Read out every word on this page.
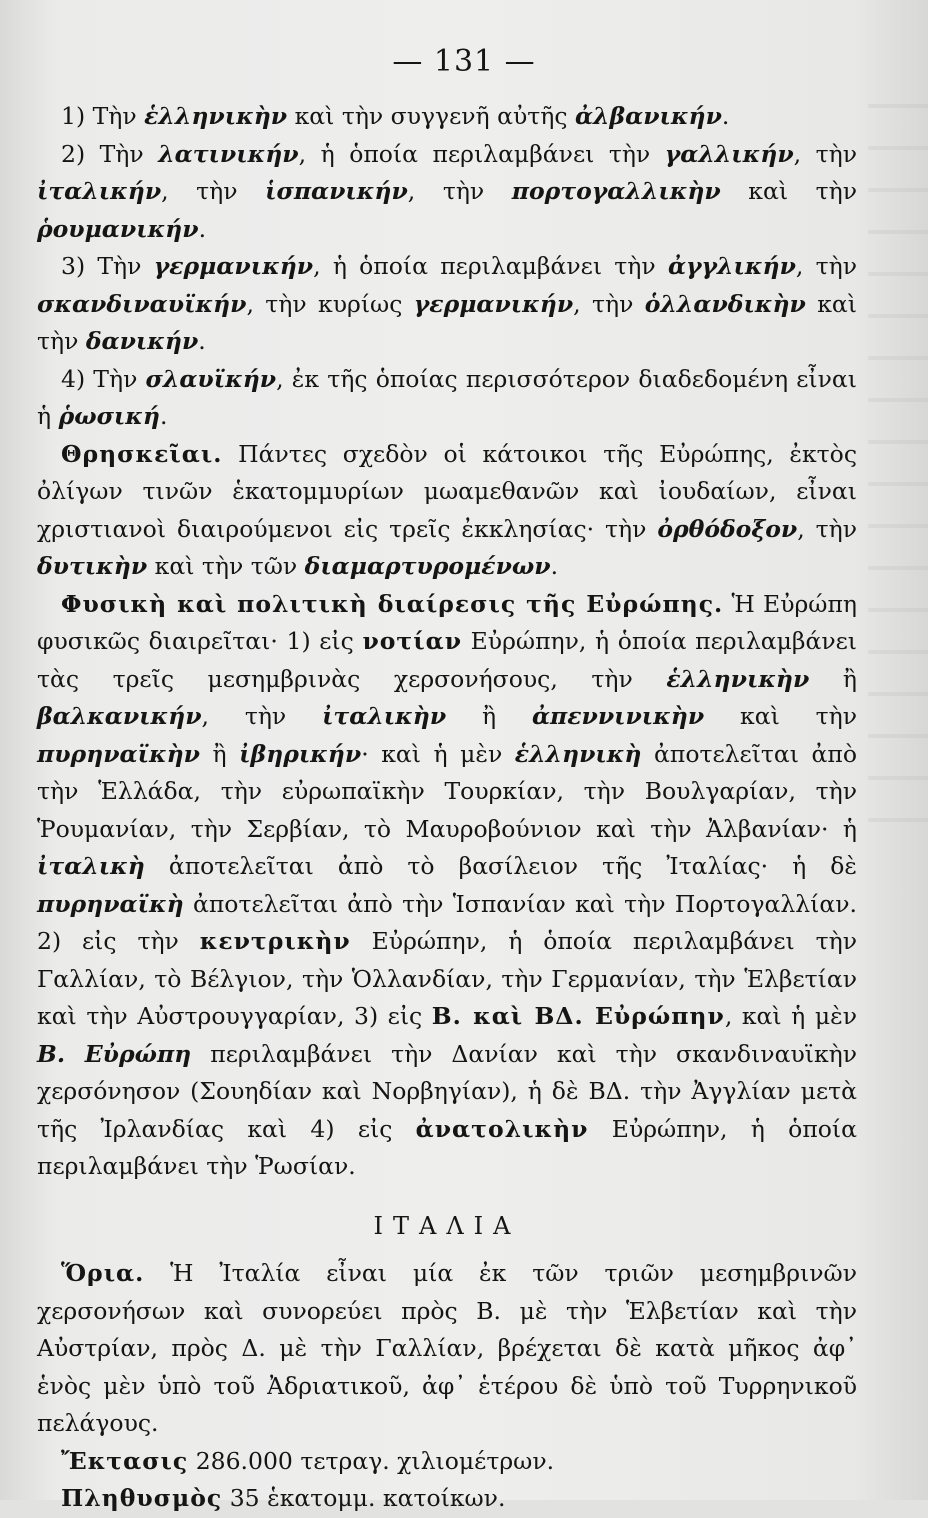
— 131 —

1) Τὴν ἑλληνικὴν καὶ τὴν συγγενῆ αὐτῆς ἀλβανικήν.

2) Τὴν λατινικήν, ἡ ὁποία περιλαμβάνει τὴν γαλλικήν, τὴν ἰταλικήν, τὴν ἱσπανικήν, τὴν πορτογαλλικὴν καὶ τὴν ῥουμανικήν.

3) Τὴν γερμανικήν, ἡ ὁποία περιλαμβάνει τὴν ἀγγλικήν, τὴν σκανδιναυϊκήν, τὴν κυρίως γερμανικήν, τὴν ὁλλανδικὴν καὶ τὴν δανικήν.

4) Τὴν σλαυϊκήν, ἐκ τῆς ὁποίας περισσότερον διαδεδομένη εἶναι ἡ ῥωσική.

Θρησκεῖαι. Πάντες σχεδὸν οἱ κάτοικοι τῆς Εὐρώπης, ἐκτὸς ὀλίγων τινῶν ἑκατομμυρίων μωαμεθανῶν καὶ ἰουδαίων, εἶναι χριστιανοὶ διαιρούμενοι εἰς τρεῖς ἐκκλησίας· τὴν ὀρθόδοξον, τὴν δυτικὴν καὶ τὴν τῶν διαμαρτυρομένων.

Φυσικὴ καὶ πολιτικὴ διαίρεσις τῆς Εὐρώπης. Ἡ Εὐρώπη φυσικῶς διαιρεῖται· 1) εἰς νοτίαν Εὐρώπην, ἡ ὁποία περιλαμβάνει τὰς τρεῖς μεσημβρινὰς χερσονήσους, τὴν ἑλληνικὴν ἢ βαλκανικήν, τὴν ἰταλικὴν ἢ ἀπεννινικὴν καὶ τὴν πυρηναϊκὴν ἢ ἰβηρικήν· καὶ ἡ μὲν ἑλληνικὴ ἀποτελεῖται ἀπὸ τὴν Ἑλλάδα, τὴν εὐρωπαϊκὴν Τουρκίαν, τὴν Βουλγαρίαν, τὴν Ῥουμανίαν, τὴν Σερβίαν, τὸ Μαυροβούνιον καὶ τὴν Ἀλβανίαν· ἡ ἰταλικὴ ἀποτελεῖται ἀπὸ τὸ βασίλειον τῆς Ἰταλίας· ἡ δὲ πυρηναϊκὴ ἀποτελεῖται ἀπὸ τὴν Ἱσπανίαν καὶ τὴν Πορτογαλλίαν. 2) εἰς τὴν κεντρικὴν Εὐρώπην, ἡ ὁποία περιλαμβάνει τὴν Γαλλίαν, τὸ Βέλγιον, τὴν Ὁλλανδίαν, τὴν Γερμανίαν, τὴν Ἑλβετίαν καὶ τὴν Αὐστρουγγαρίαν, 3) εἰς Β. καὶ ΒΔ. Εὐρώπην, καὶ ἡ μὲν Β. Εὐρώπη περιλαμβάνει τὴν Δανίαν καὶ τὴν σκανδιναυϊκὴν χερσόνησον (Σουηδίαν καὶ Νορβηγίαν), ἡ δὲ ΒΔ. τὴν Ἀγγλίαν μετὰ τῆς Ἰρλανδίας καὶ 4) εἰς ἀνατολικὴν Εὐρώπην, ἡ ὁποία περιλαμβάνει τὴν Ῥωσίαν.

ΙΤΑΛΙΑ

Ὅρια. Ἡ Ἰταλία εἶναι μία ἐκ τῶν τριῶν μεσημβρινῶν χερσονήσων καὶ συνορεύει πρὸς Β. μὲ τὴν Ἑλβετίαν καὶ τὴν Αὐστρίαν, πρὸς Δ. μὲ τὴν Γαλλίαν, βρέχεται δὲ κατὰ μῆκος ἀφ᾽ ἑνὸς μὲν ὑπὸ τοῦ Ἀδριατικοῦ, ἀφ᾽ ἑτέρου δὲ ὑπὸ τοῦ Τυρρηνικοῦ πελάγους.

Ἔκτασις 286.000 τετραγ. χιλιομέτρων.

Πληθυσμὸς 35 ἑκατομμ. κατοίκων.
